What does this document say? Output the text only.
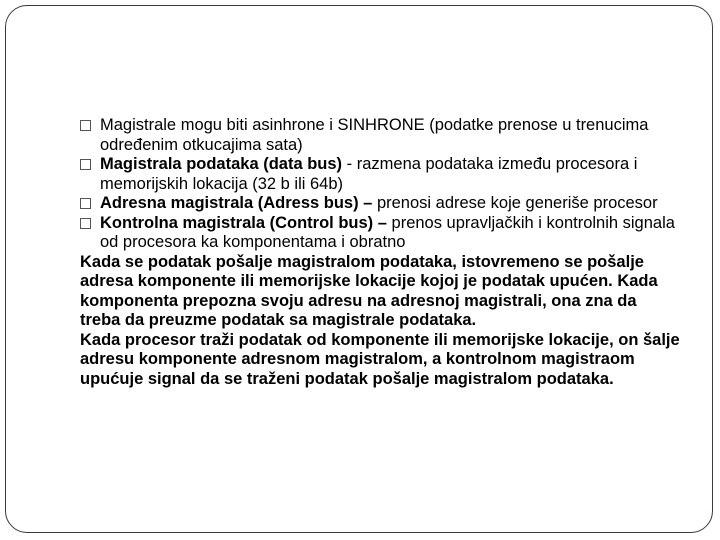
Magistrale mogu biti asinhrone i SINHRONE (podatke prenose u trenucima određenim otkucajima sata)

Magistrala podataka (data bus) - razmena podataka između procesora i memorijskih lokacija (32 b ili 64b)

Adresna magistrala (Adress bus) – prenosi adrese koje generiše procesor

Kontrolna magistrala (Control bus) – prenos upravljačkih i kontrolnih signala od procesora ka komponentama i obratno

Kada se podatak pošalje magistralom podataka, istovremeno se pošalje adresa komponente ili memorijske lokacije kojoj je podatak upućen. Kada komponenta prepozna svoju adresu na adresnoj magistrali, ona zna da treba da preuzme podatak sa magistrale podataka.

Kada procesor traži podatak od komponente ili memorijske lokacije, on šalje adresu komponente adresnom magistralom, a kontrolnom magistraom upućuje signal da se traženi podatak pošalje magistralom podataka.
